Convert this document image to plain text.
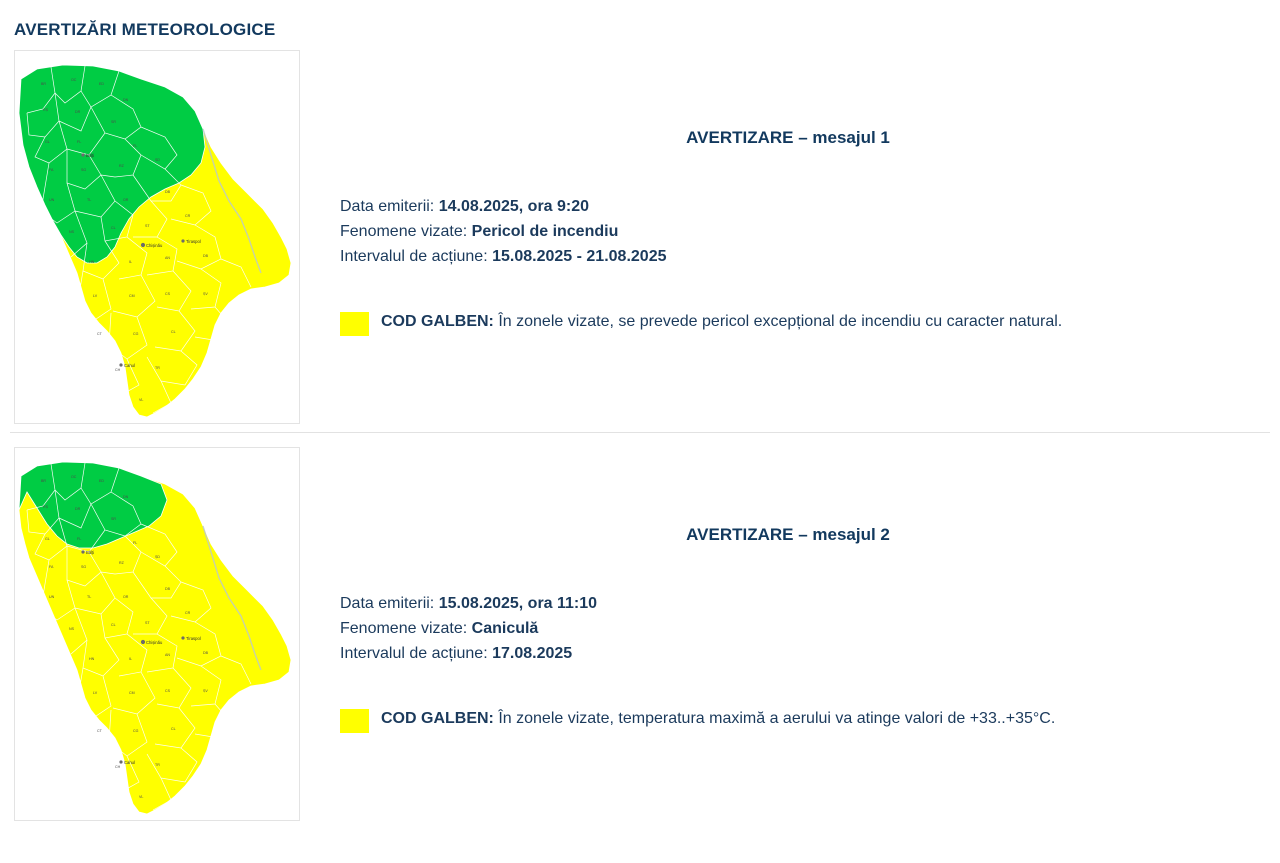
AVERTIZĂRI METEOROLOGICE
BR
OC
ED
DN
RȘ	DR
SR
GL	FL
FL
FA	SG
RZ
ȘD
UN	TL	OR
DB
NS
CL	ST
CR
HN	IL
AN	DB
LV	CM	CS	ȘV
CT	CG	CL
CH	TR
VL
Bălți
Chișinău
Tiraspol
Cahul
AVERTIZARE – mesajul 1
Data emiterii: 14.08.2025, ora 9:20
Fenomene vizate: Pericol de incendiu
Intervalul de acțiune: 15.08.2025 - 21.08.2025
COD GALBEN: În zonele vizate, se prevede pericol excepțional de incendiu cu caracter natural.
BR
OC
ED
DN
RȘ	DR
SR
GL	FL
FL
FA	SG
RZ
ȘD
UN	TL	OR
DB
NS
CL	ST
CR
HN	IL
AN	DB
LV	CM	CS	ȘV
CT	CG	CL
CH	TR
VL
Bălți
Chișinău
Tiraspol
Cahul
AVERTIZARE – mesajul 2
Data emiterii: 15.08.2025, ora 11:10
Fenomene vizate: Caniculă
Intervalul de acțiune: 17.08.2025
COD GALBEN: În zonele vizate, temperatura maximă a aerului va atinge valori de +33..+35°C.
